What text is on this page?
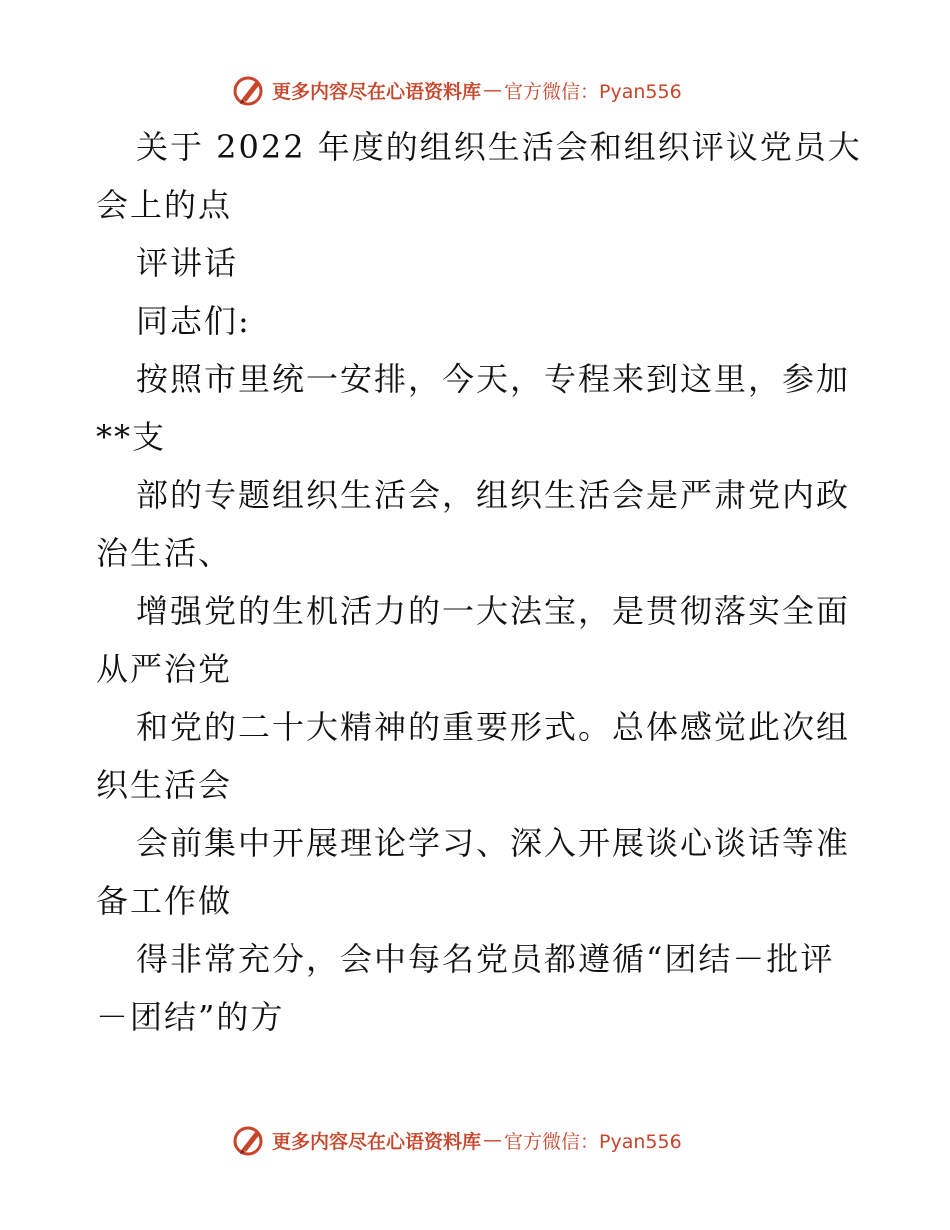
更多内容尽在心语资料库 — 官方微信：Pyan556
关于 2022 年度的组织生活会和组织评议党员大
会上的点
评讲话
同志们:
按照市里统一安排，今天，专程来到这里，参加
**支
部的专题组织生活会，组织生活会是严肃党内政
治生活、
增强党的生机活力的一大法宝，是贯彻落实全面
从严治党
和党的二十大精神的重要形式。总体感觉此次组
织生活会
会前集中开展理论学习、深入开展谈心谈话等准
备工作做
得非常充分，会中每名党员都遵循“团结－批评
－团结”的方
更多内容尽在心语资料库 — 官方微信：Pyan556
